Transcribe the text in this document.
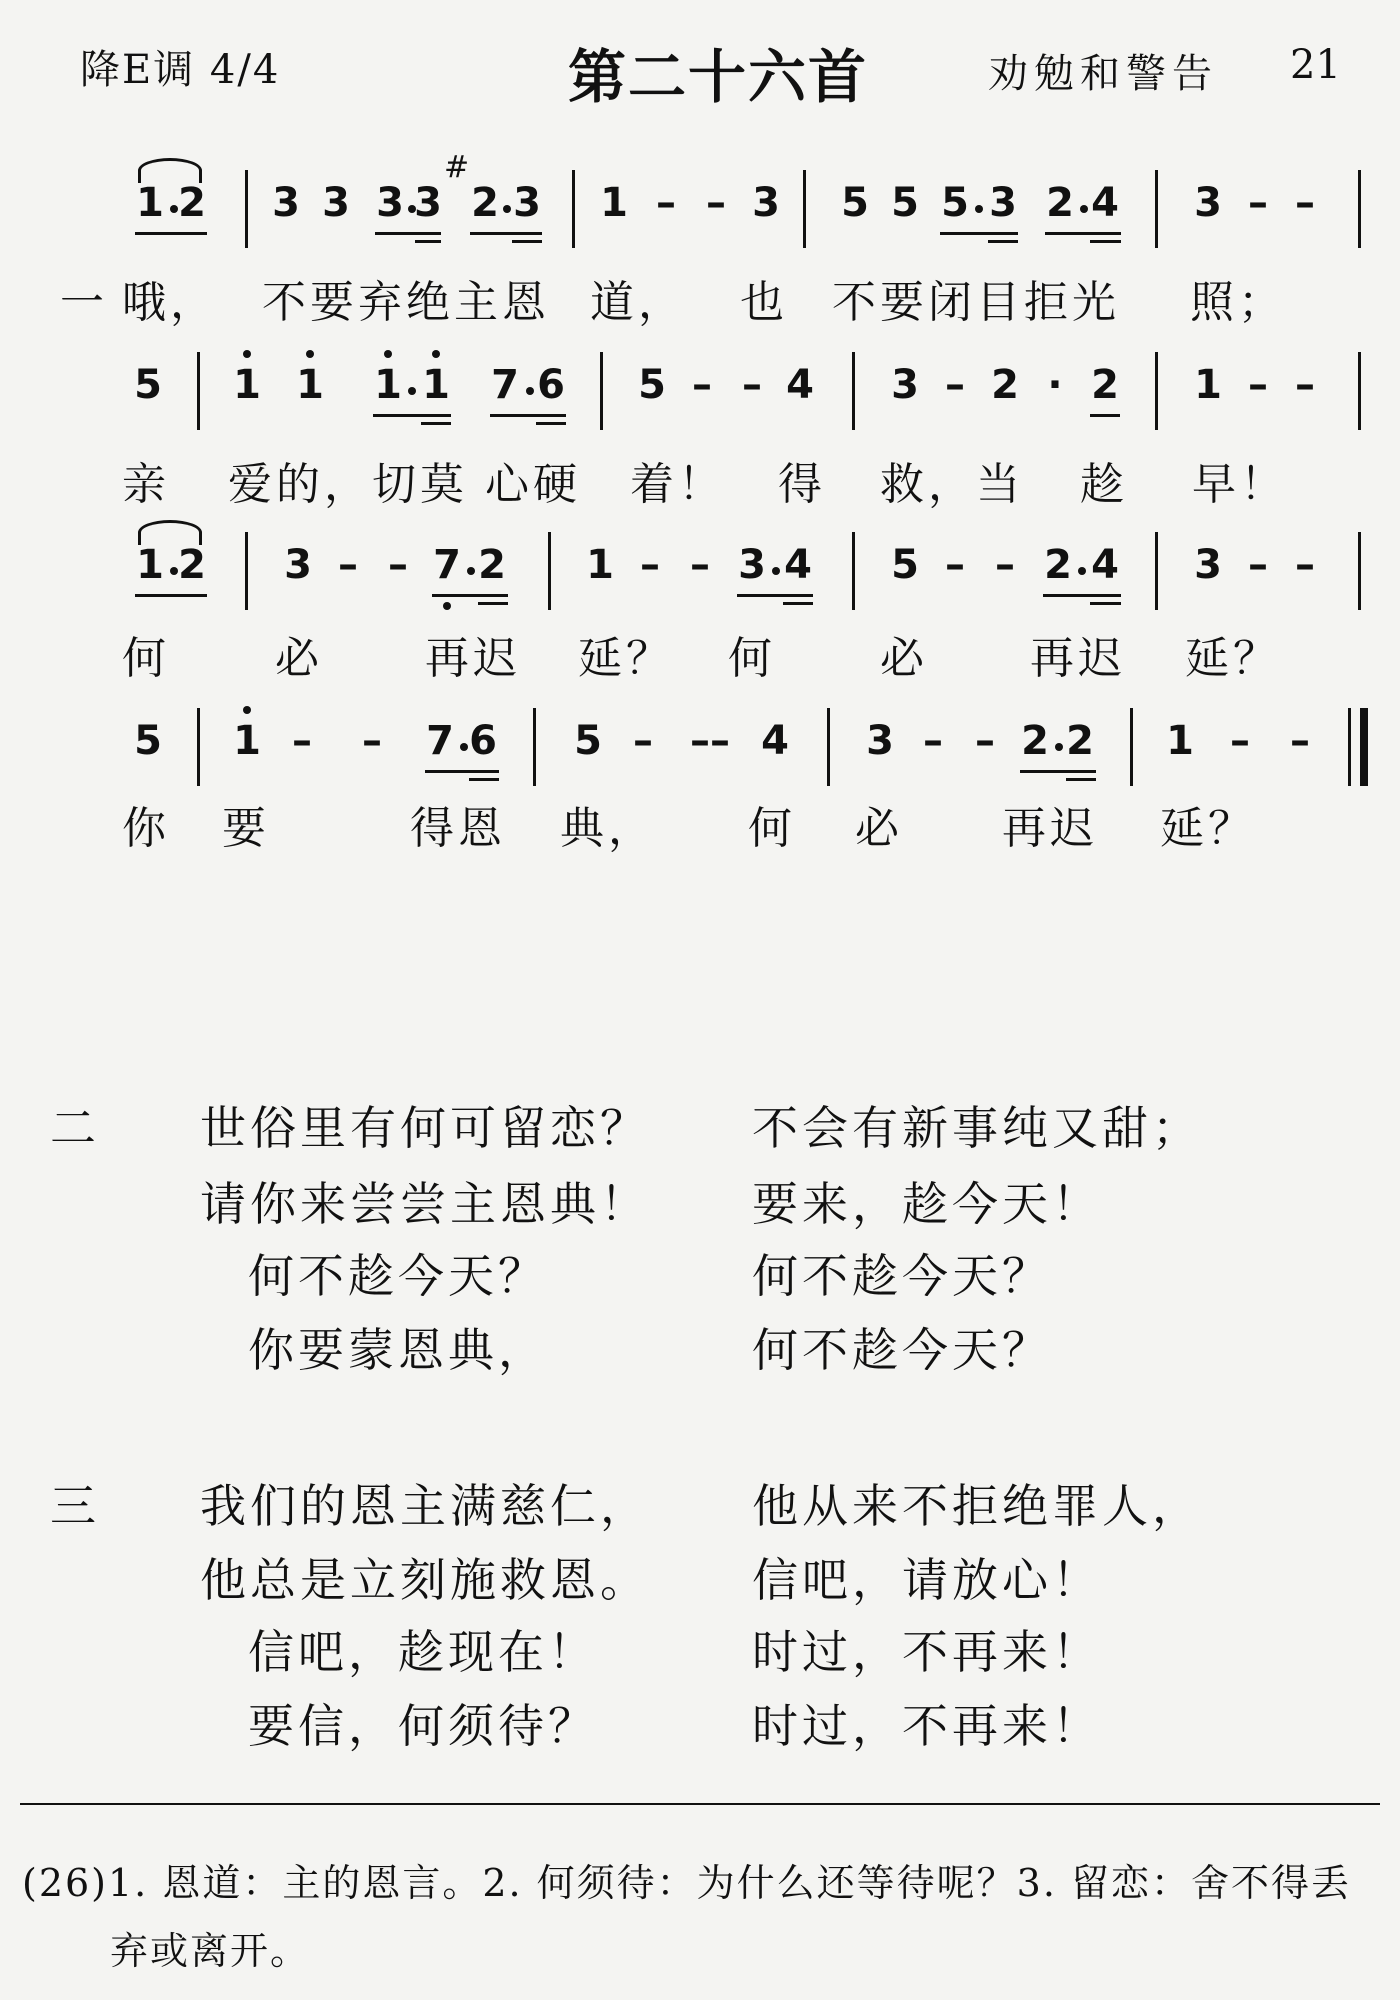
降E调 4/4	第二十六首	劝勉和警告 21
1 2 3 3 3 3
#
2 3 1 – – 3 5 5 5 3 2 4 3 – –
一 哦， 不要弃绝主恩 道， 也 不要闭目拒光 照；
5 1 1 1 1 7 6 5 – – 4 3 – 2 · 2 1 – –
亲 爱的，切莫 心硬 着！ 得 救，当 趁 早！
1 2 3 – – 7 2 1 – – 3 4 5 – – 2 4 3 – –
何 必 再迟 延？ 何 必 再迟 延？
5 1 – – 7 6 5 – – – 4 3 – – 2 2 1 – –
你 要	得恩 典， 何 必 再迟 延？
二 世俗里有何可留恋？ 不会有新事纯又甜；
请你来尝尝主恩典！ 要来，趁今天！
何不趁今天？	何不趁今天？
你要蒙恩典，	何不趁今天？
三 我们的恩主满慈仁， 他从来不拒绝罪人，
他总是立刻施救恩。 信吧，请放心！
信吧，趁现在！	时过，不再来！
要信，何须待？	时过，不再来！
(26)1. 恩道：主的恩言。2. 何须待：为什么还等待呢？3. 留恋：舍不得丢
弃或离开。
